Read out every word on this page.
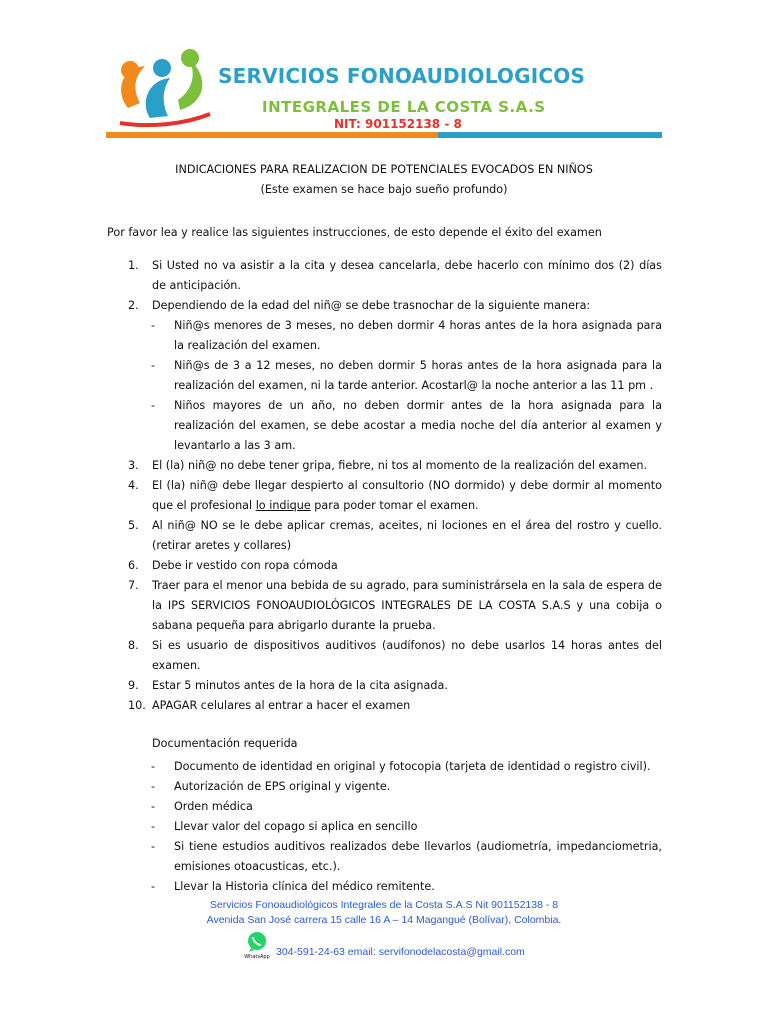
SERVICIOS FONOAUDIOLOGICOS
INTEGRALES DE LA COSTA S.A.S
NIT: 901152138 - 8
INDICACIONES PARA REALIZACION DE POTENCIALES EVOCADOS EN NIÑOS
(Este examen se hace bajo sueño profundo)
Por favor lea y realice las siguientes instrucciones, de esto depende el éxito del examen
1. Si Usted no va asistir a la cita y desea cancelarla, debe hacerlo con mínimo dos (2) días de anticipación.
2. Dependiendo de la edad del niñ@ se debe trasnochar de la siguiente manera:
- Niñ@s menores de 3 meses, no deben dormir 4 horas antes de la hora asignada para la realización del examen.
- Niñ@s de 3 a 12 meses, no deben dormir 5 horas antes de la hora asignada para la realización del examen, ni la tarde anterior. Acostarl@ la noche anterior a las 11 pm .
- Niños mayores de un año, no deben dormir antes de la hora asignada para la realización del examen, se debe acostar a media noche del día anterior al examen y levantarlo a las 3 am.
3. El (la) niñ@ no debe tener gripa, fiebre, ni tos al momento de la realización del examen.
4. El (la) niñ@ debe llegar despierto al consultorio (NO dormido) y debe dormir al momento que el profesional lo indique para poder tomar el examen.
5. Al niñ@ NO se le debe aplicar cremas, aceites, ni lociones en el área del rostro y cuello. (retirar aretes y collares)
6. Debe ir vestido con ropa cómoda
7. Traer para el menor una bebida de su agrado, para suministrársela en la sala de espera de la IPS SERVICIOS FONOAUDIOLÓGICOS INTEGRALES DE LA COSTA S.A.S y una cobija o sabana pequeña para abrigarlo durante la prueba.
8. Si es usuario de dispositivos auditivos (audífonos) no debe usarlos 14 horas antes del examen.
9. Estar 5 minutos antes de la hora de la cita asignada.
10. APAGAR celulares al entrar a hacer el examen
Documentación requerida
- Documento de identidad en original y fotocopia (tarjeta de identidad o registro civil).
- Autorización de EPS original y vigente.
- Orden médica
- Llevar valor del copago si aplica en sencillo
- Si tiene estudios auditivos realizados debe llevarlos (audiometría, impedanciometria, emisiones otoacusticas, etc.).
- Llevar la Historia clínica del médico remitente.
Servicios Fonoaudiológicos Integrales de la Costa S.A.S Nit 901152138 - 8
Avenida San José carrera 15 calle 16 A – 14 Magangué (Bolívar), Colombia.
WhatsApp 304-591-24-63 email: servifonodelacosta@gmail.com
